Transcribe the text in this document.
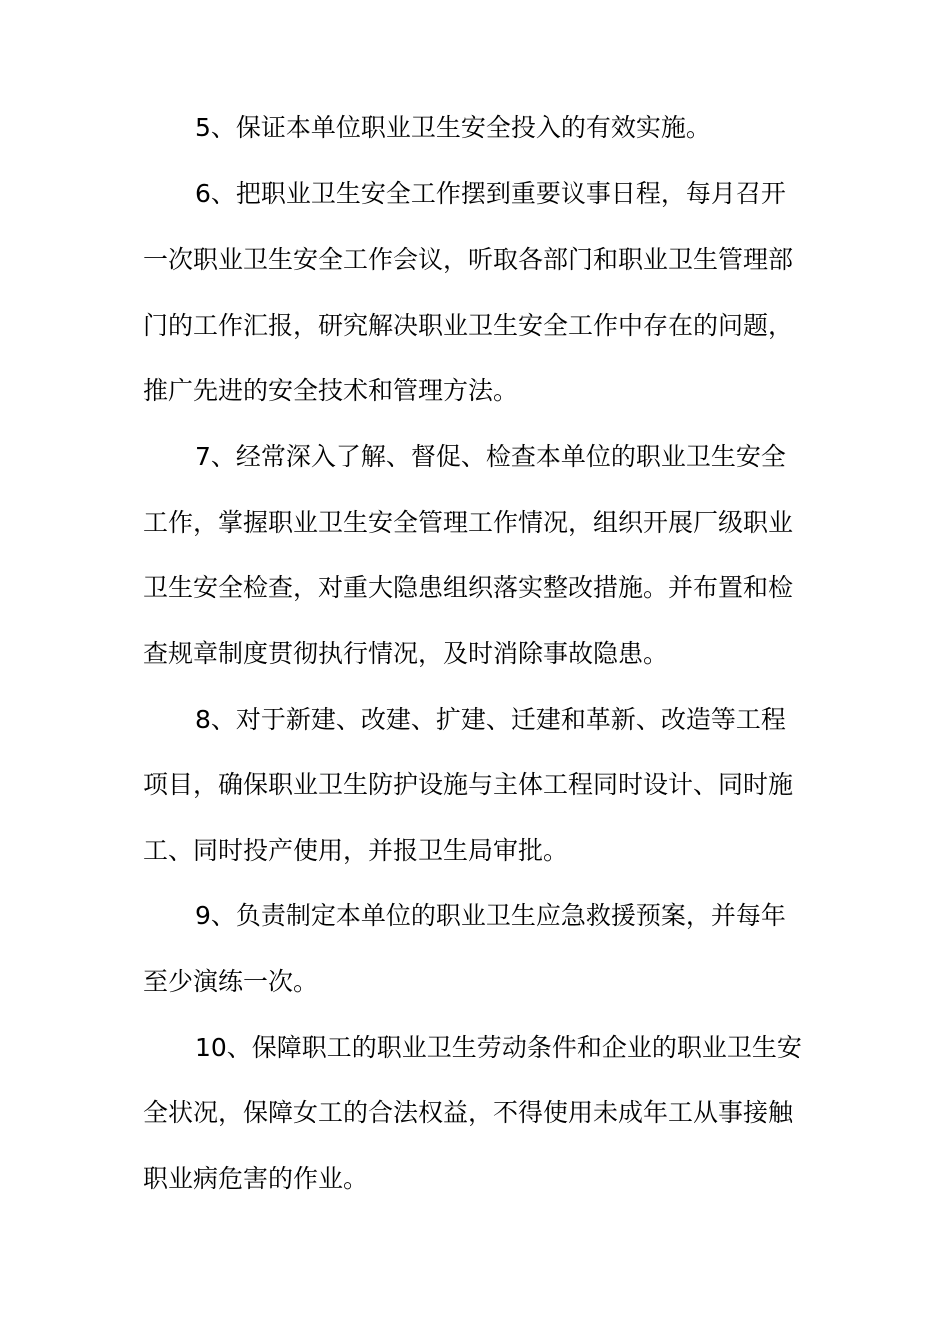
5、保证本单位职业卫生安全投入的有效实施。
6、把职业卫生安全工作摆到重要议事日程，每月召开
一次职业卫生安全工作会议，听取各部门和职业卫生管理部
门的工作汇报，研究解决职业卫生安全工作中存在的问题，
推广先进的安全技术和管理方法。
7、经常深入了解、督促、检查本单位的职业卫生安全
工作，掌握职业卫生安全管理工作情况，组织开展厂级职业
卫生安全检查，对重大隐患组织落实整改措施。并布置和检
查规章制度贯彻执行情况，及时消除事故隐患。
8、对于新建、改建、扩建、迁建和革新、改造等工程
项目，确保职业卫生防护设施与主体工程同时设计、同时施
工、同时投产使用，并报卫生局审批。
9、负责制定本单位的职业卫生应急救援预案，并每年
至少演练一次。
10、保障职工的职业卫生劳动条件和企业的职业卫生安
全状况，保障女工的合法权益，不得使用未成年工从事接触
职业病危害的作业。
